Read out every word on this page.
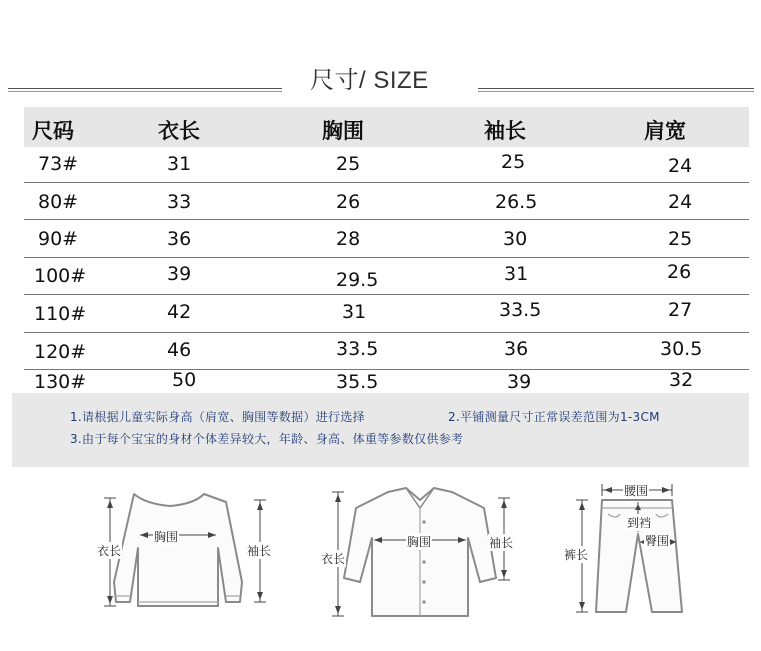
尺寸/ SIZE
尺码	衣长	胸围	袖长	肩宽
73#	31	25	25	24
80#	33	26	26.5	24
90#	36	28	30	25
100#	39	29.5	31	26
110#	42	31	33.5	27
120#	46	33.5	36	30.5
130#	50	35.5	39	32
1.请根据儿童实际身高（肩宽、胸围等数据）进行选择	2.平铺测量尺寸正常误差范围为1-3CM
3.由于每个宝宝的身材个体差异较大，年龄、身高、体重等参数仅供参考
衣长
胸围
袖长
衣长
胸围	袖长
腰围
裤长
到裆
臀围
